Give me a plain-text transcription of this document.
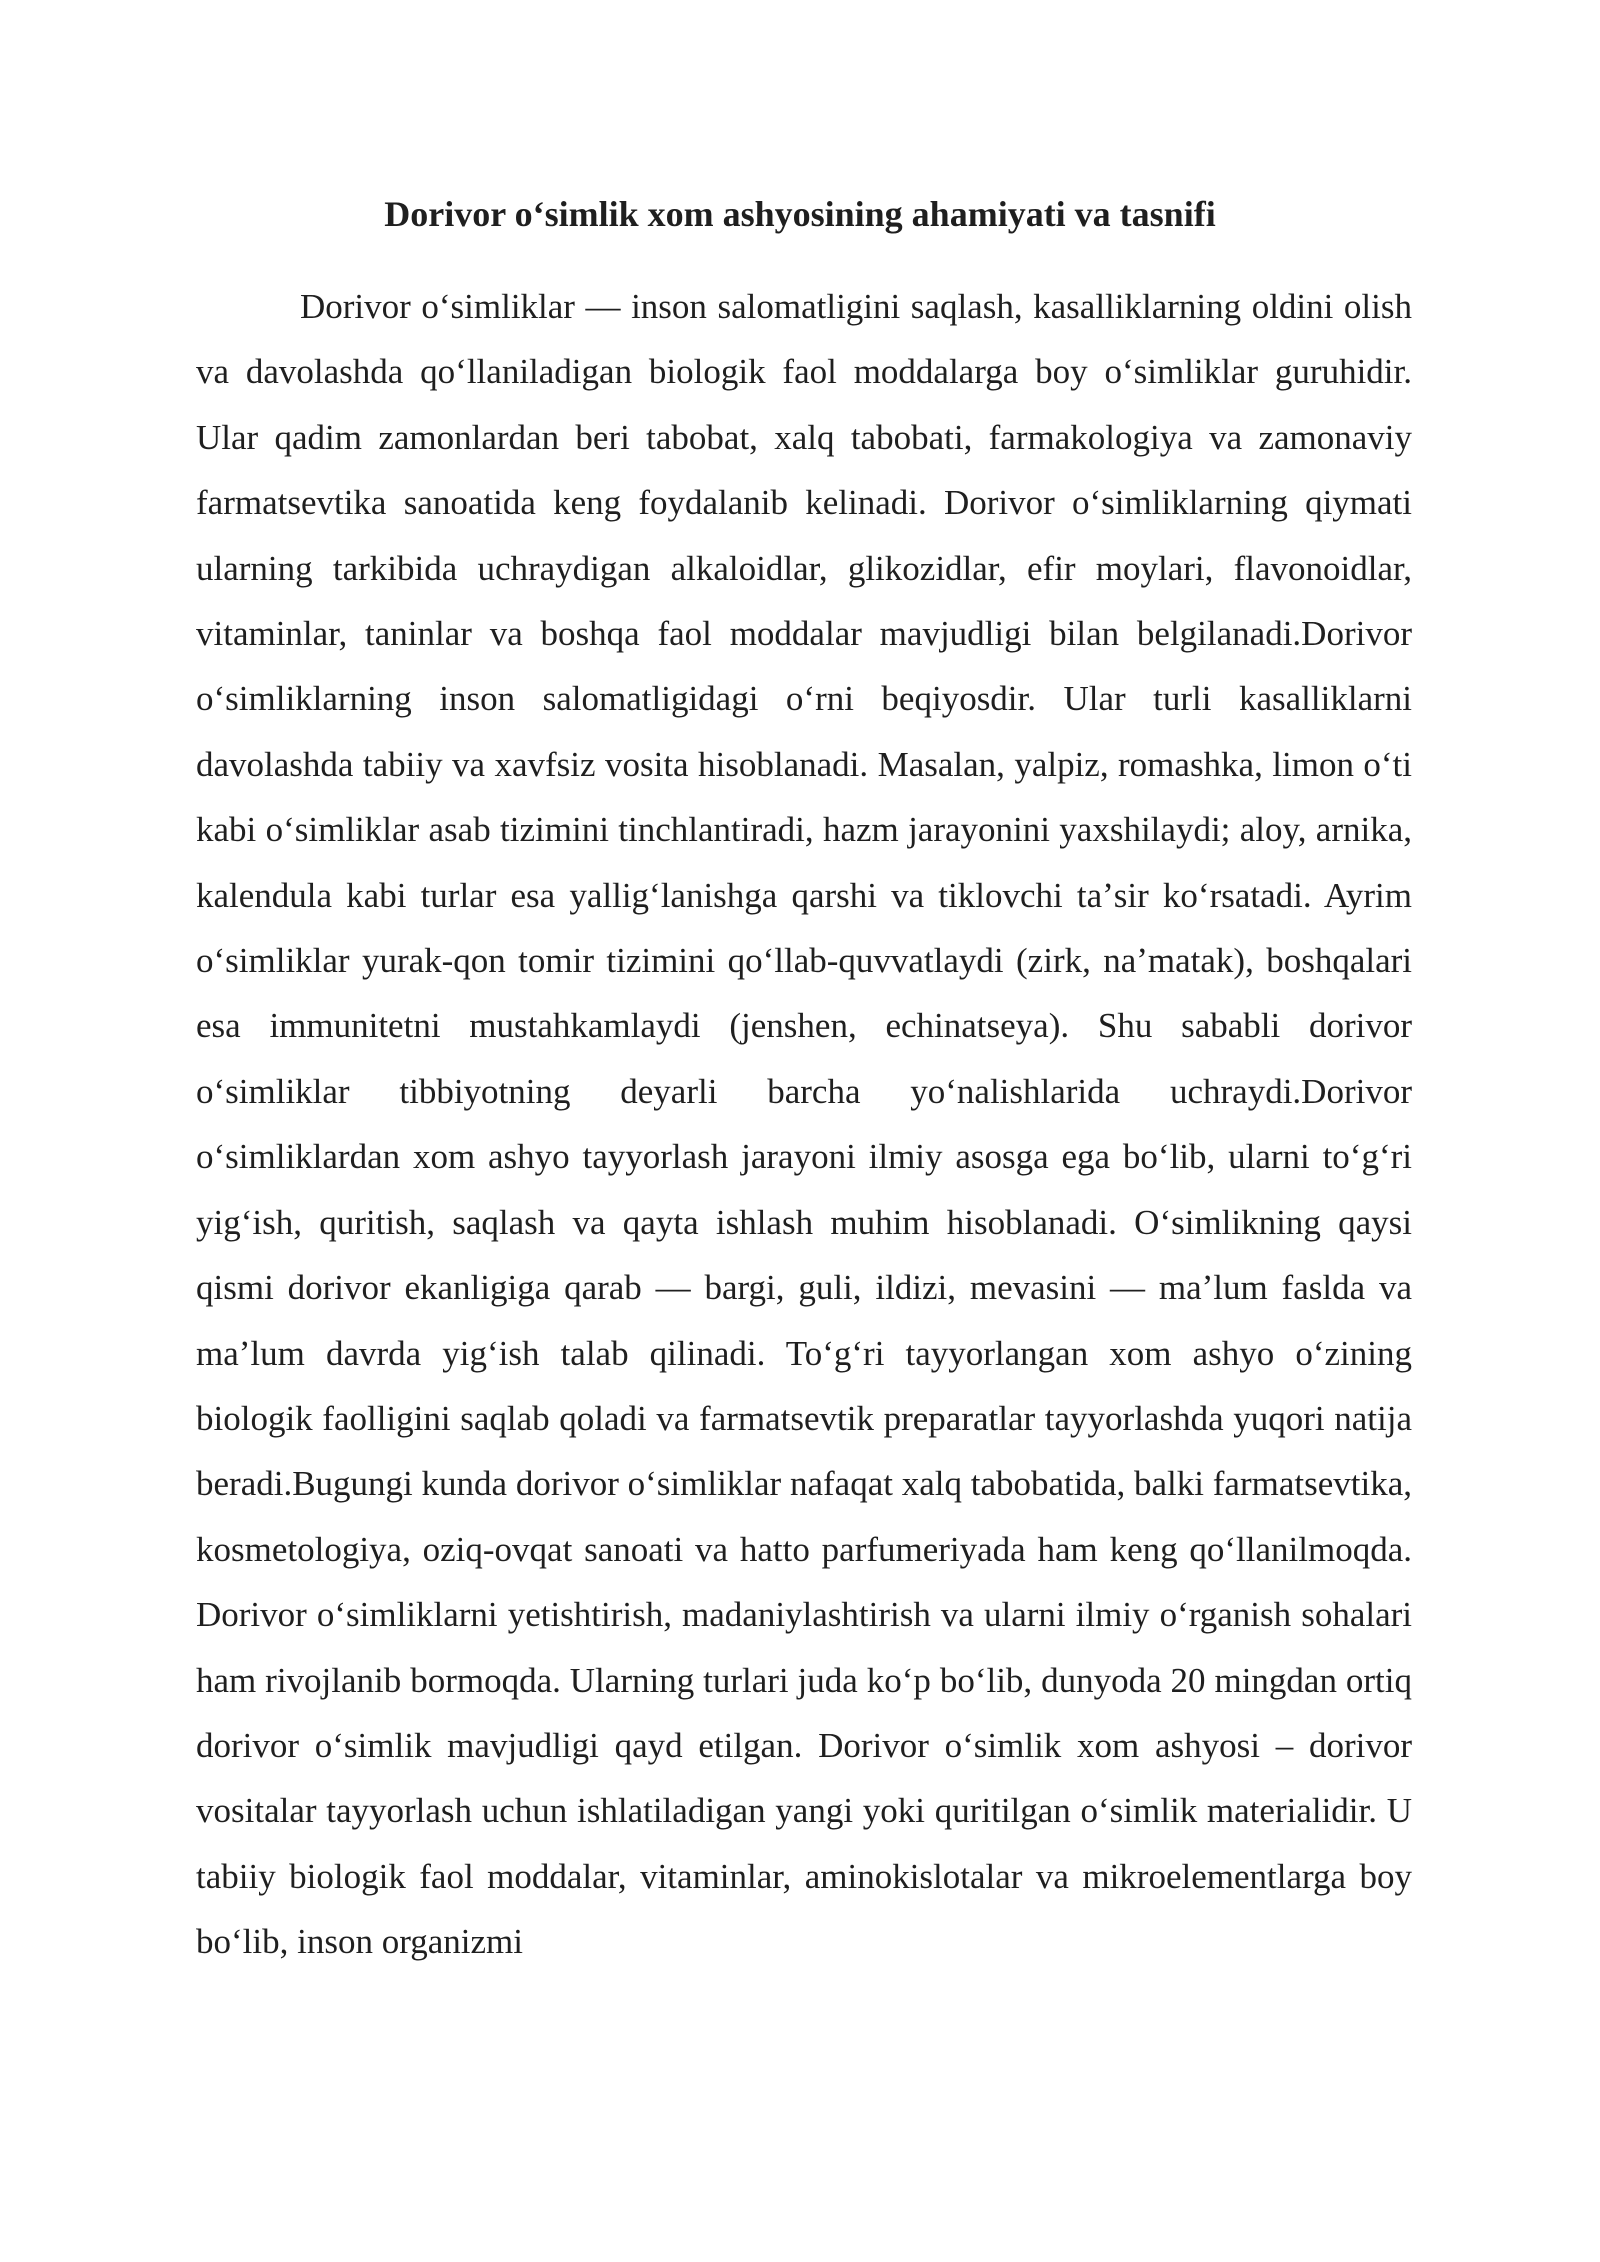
Dorivor oʻsimlik xom ashyosining ahamiyati va tasnifi

Dorivor oʻsimliklar — inson salomatligini saqlash, kasalliklarning oldini olish va davolashda qoʻllaniladigan biologik faol moddalarga boy oʻsimliklar guruhidir. Ular qadim zamonlardan beri tabobat, xalq tabobati, farmakologiya va zamonaviy farmatsevtika sanoatida keng foydalanib kelinadi. Dorivor oʻsimliklarning qiymati ularning tarkibida uchraydigan alkaloidlar, glikozidlar, efir moylari, flavonoidlar, vitaminlar, taninlar va boshqa faol moddalar mavjudligi bilan belgilanadi.Dorivor oʻsimliklarning inson salomatligidagi oʻrni beqiyosdir. Ular turli kasalliklarni davolashda tabiiy va xavfsiz vosita hisoblanadi. Masalan, yalpiz, romashka, limon oʻti kabi oʻsimliklar asab tizimini tinchlantiradi, hazm jarayonini yaxshilaydi; aloy, arnika, kalendula kabi turlar esa yalligʻlanishga qarshi va tiklovchi taʼsir koʻrsatadi. Ayrim oʻsimliklar yurak-qon tomir tizimini qoʻllab-quvvatlaydi (zirk, naʼmatak), boshqalari esa immunitetni mustahkamlaydi (jenshen, echinatseya). Shu sababli dorivor oʻsimliklar tibbiyotning deyarli barcha yoʻnalishlarida uchraydi.Dorivor oʻsimliklardan xom ashyo tayyorlash jarayoni ilmiy asosga ega boʻlib, ularni toʻgʻri yigʻish, quritish, saqlash va qayta ishlash muhim hisoblanadi. Oʻsimlikning qaysi qismi dorivor ekanligiga qarab — bargi, guli, ildizi, mevasini — maʼlum faslda va maʼlum davrda yigʻish talab qilinadi. Toʻgʻri tayyorlangan xom ashyo oʻzining biologik faolligini saqlab qoladi va farmatsevtik preparatlar tayyorlashda yuqori natija beradi.Bugungi kunda dorivor oʻsimliklar nafaqat xalq tabobatida, balki farmatsevtika, kosmetologiya, oziq-ovqat sanoati va hatto parfumeriyada ham keng qoʻllanilmoqda. Dorivor oʻsimliklarni yetishtirish, madaniylashtirish va ularni ilmiy oʻrganish sohalari ham rivojlanib bormoqda. Ularning turlari juda koʻp boʻlib, dunyoda 20 mingdan ortiq dorivor oʻsimlik mavjudligi qayd etilgan. Dorivor oʻsimlik xom ashyosi – dorivor vositalar tayyorlash uchun ishlatiladigan yangi yoki quritilgan oʻsimlik materialidir. U tabiiy biologik faol moddalar, vitaminlar, aminokislotalar va mikroelementlarga boy boʻlib, inson organizmi
